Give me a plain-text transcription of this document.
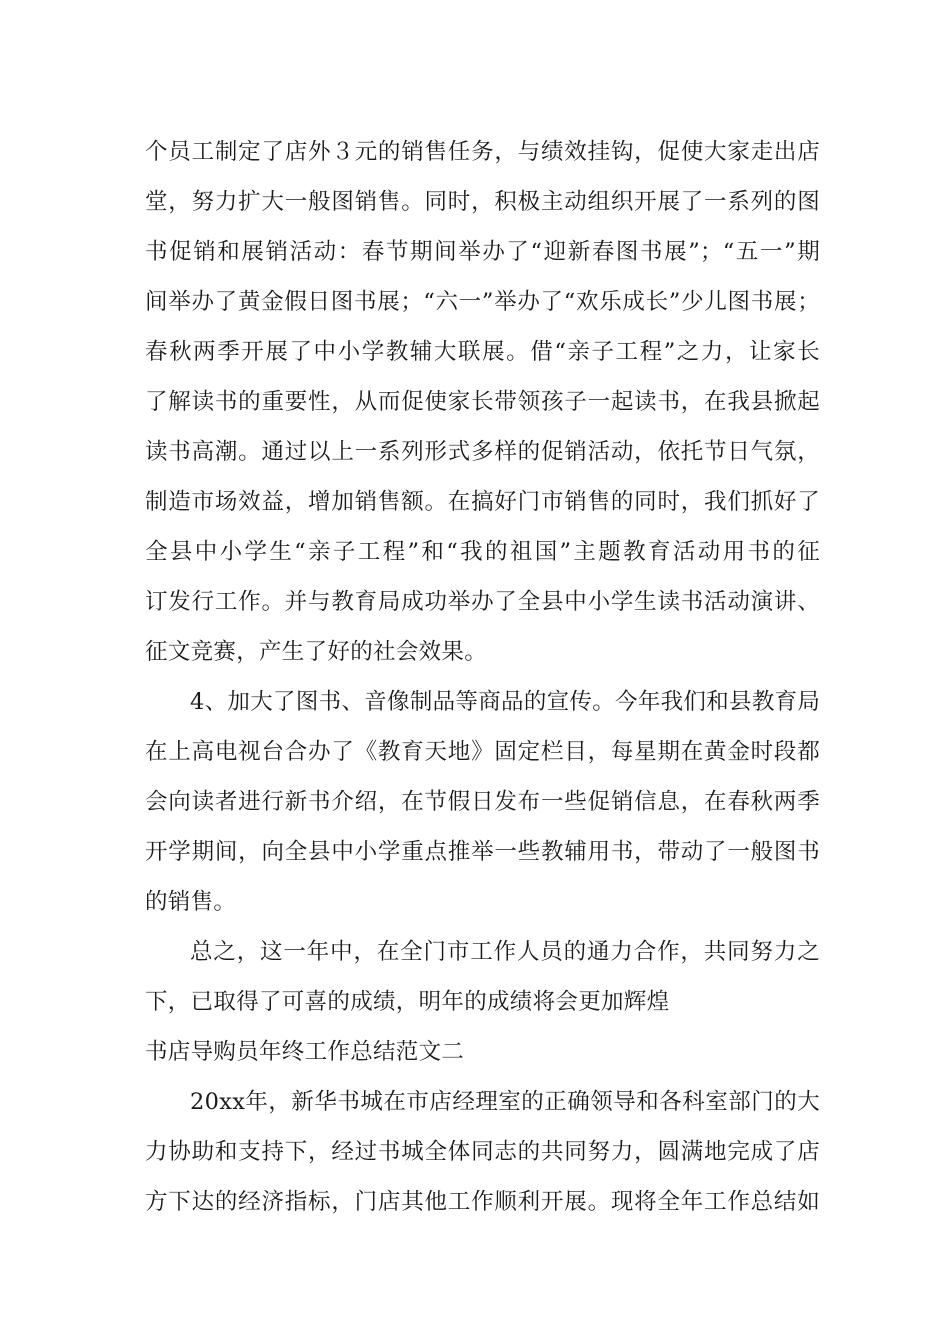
个员工制定了店外３元的销售任务，与绩效挂钩，促使大家走出店
堂，努力扩大一般图销售。同时，积极主动组织开展了一系列的图
书促销和展销活动：春节期间举办了“迎新春图书展”；“五一”期
间举办了黄金假日图书展；“六一”举办了“欢乐成长”少儿图书展；
春秋两季开展了中小学教辅大联展。借“亲子工程”之力，让家长
了解读书的重要性，从而促使家长带领孩子一起读书，在我县掀起
读书高潮。通过以上一系列形式多样的促销活动，依托节日气氛，
制造市场效益，增加销售额。在搞好门市销售的同时，我们抓好了
全县中小学生“亲子工程”和“我的祖国”主题教育活动用书的征
订发行工作。并与教育局成功举办了全县中小学生读书活动演讲、
征文竞赛，产生了好的社会效果。
4、加大了图书、音像制品等商品的宣传。今年我们和县教育局
在上高电视台合办了《教育天地》固定栏目，每星期在黄金时段都
会向读者进行新书介绍，在节假日发布一些促销信息，在春秋两季
开学期间，向全县中小学重点推举一些教辅用书，带动了一般图书
的销售。
总之，这一年中，在全门市工作人员的通力合作，共同努力之
下，已取得了可喜的成绩，明年的成绩将会更加辉煌
书店导购员年终工作总结范文二
20xx年，新华书城在市店经理室的正确领导和各科室部门的大
力协助和支持下，经过书城全体同志的共同努力，圆满地完成了店
方下达的经济指标，门店其他工作顺利开展。现将全年工作总结如
